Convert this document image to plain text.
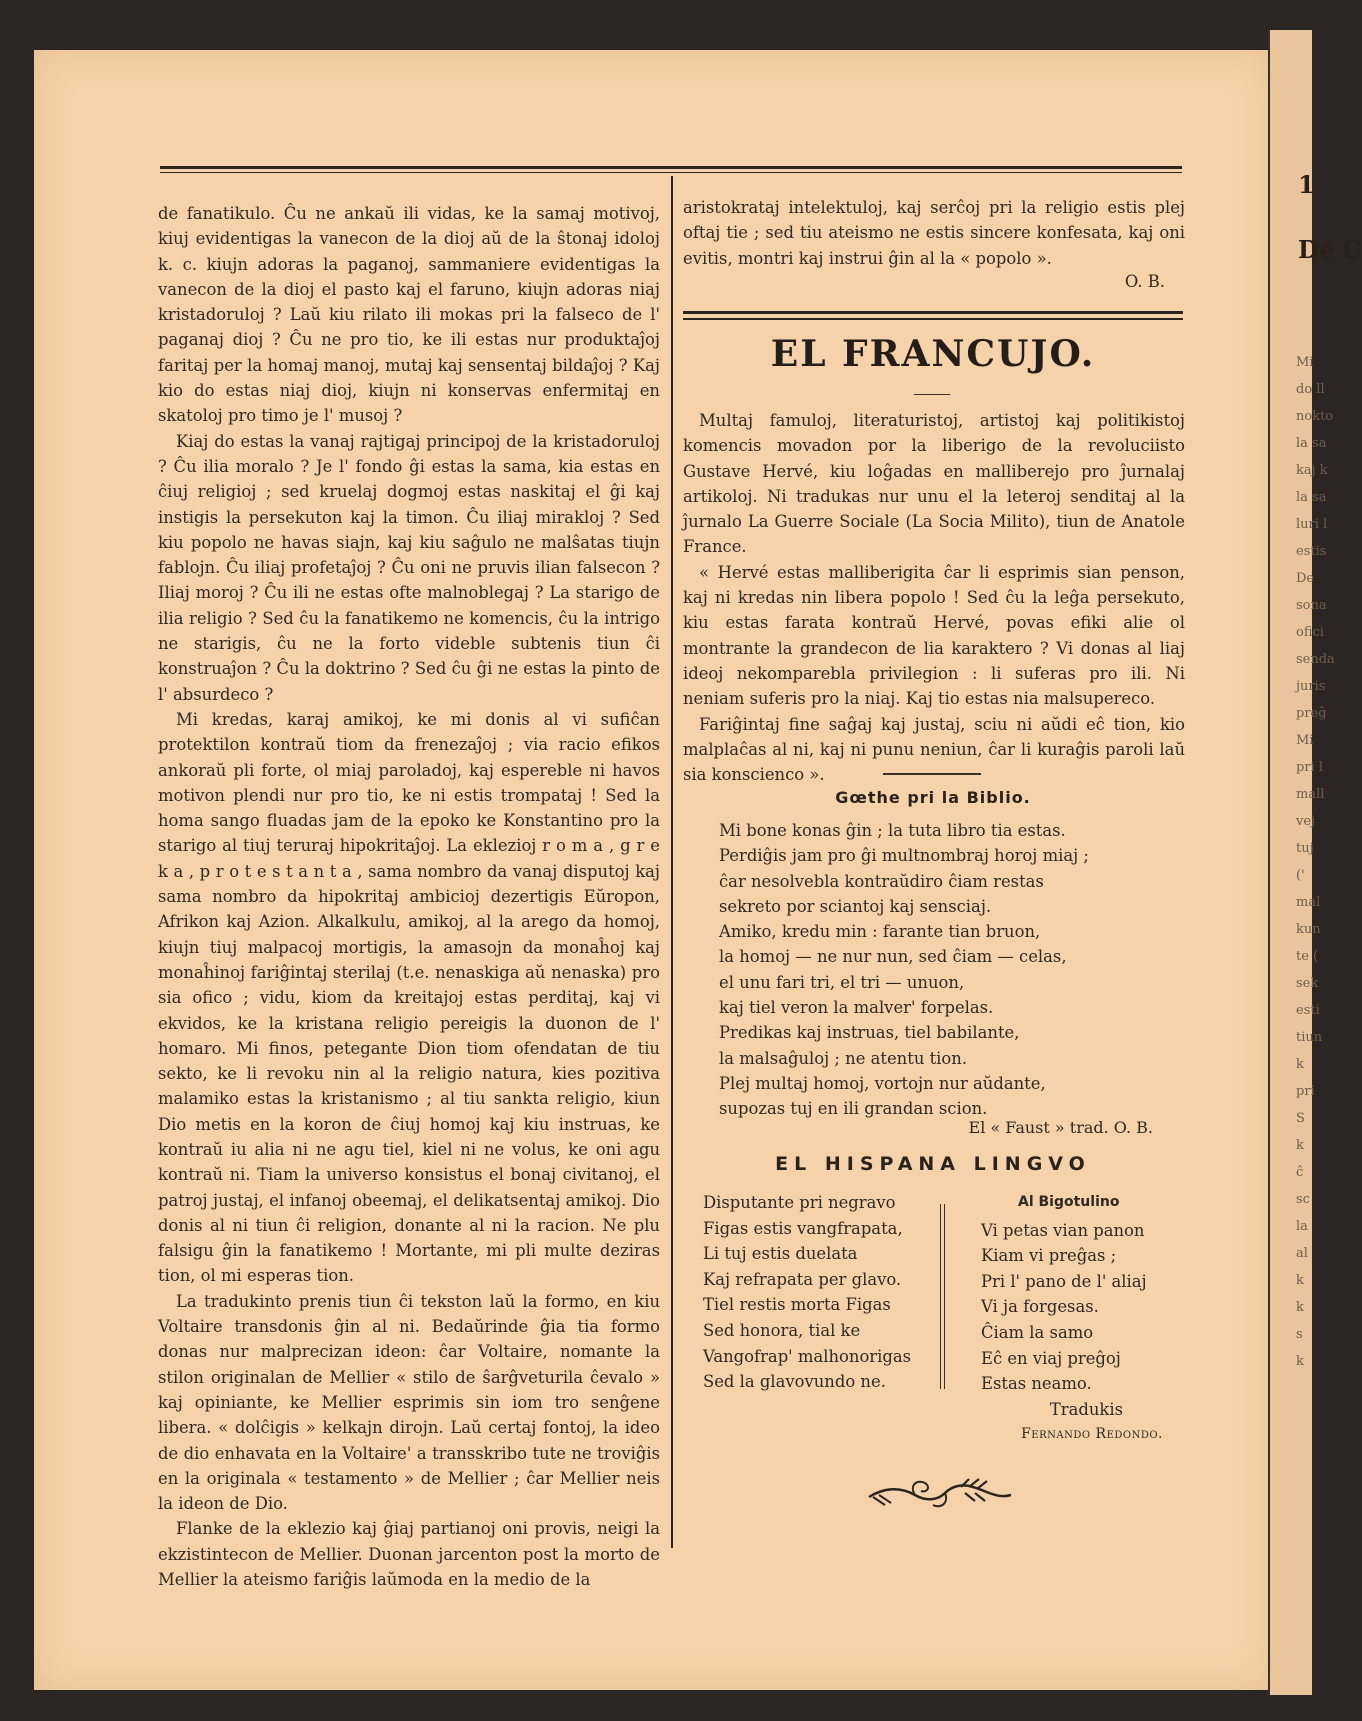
1
De C
Mi
do ll
nokto
la sa
kaj k
la sa
luri l
estis
De
sona
ofici
senda
juris
preĝ
Mi
pri l
mall
vej
tuj
('
mal
kun
te (
sek
esti
tiun
k
pri
S
k
ĉ
sc
la
al
k
k
s
k

de fanatikulo. Ĉu ne ankaŭ ili vidas, ke la samaj motivoj, kiuj evidentigas la vanecon de la dioj aŭ de la ŝtonaj idoloj k. c. kiujn adoras la paganoj, sammaniere evidentigas la vanecon de la dioj el pasto kaj el faruno, kiujn adoras niaj kristadoruloj ? Laŭ kiu rilato ili mokas pri la falseco de l' paganaj dioj ? Ĉu ne pro tio, ke ili estas nur produktaĵoj faritaj per la homaj manoj, mutaj kaj sensentaj bildaĵoj ? Kaj kio do estas niaj dioj, kiujn ni konservas enfermitaj en skatoloj pro timo je l' musoj ?

Kiaj do estas la vanaj rajtigaj principoj de la kristadoruloj ? Ĉu ilia moralo ? Je l' fondo ĝi estas la sama, kia estas en ĉiuj religioj ; sed kruelaj dogmoj estas naskitaj el ĝi kaj instigis la persekuton kaj la timon. Ĉu iliaj mirakloj ? Sed kiu popolo ne havas siajn, kaj kiu saĝulo ne malŝatas tiujn fablojn. Ĉu iliaj profetaĵoj ? Ĉu oni ne pruvis ilian falsecon ? Iliaj moroj ? Ĉu ili ne estas ofte malnoblegaj ? La starigo de ilia religio ? Sed ĉu la fanatikemo ne komencis, ĉu la intrigo ne starigis, ĉu ne la forto videble subtenis tiun ĉi konstruaĵon ? Ĉu la doktrino ? Sed ĉu ĝi ne estas la pinto de l' absurdeco ?

Mi kredas, karaj amikoj, ke mi donis al vi sufiĉan protektilon kontraŭ tiom da frenezaĵoj ; via racio efikos ankoraŭ pli forte, ol miaj paroladoj, kaj espereble ni havos motivon plendi nur pro tio, ke ni estis trompataj ! Sed la homa sango fluadas jam de la epoko ke Konstantino pro la starigo al tiuj teruraj hipokritaĵoj. La eklezioj r o m a , g r e k a , p r o t e s t a n t a , sama nombro da vanaj disputoj kaj sama nombro da hipokritaj ambicioj dezertigis Eŭropon, Afrikon kaj Azion. Alkalkulu, amikoj, al la arego da homoj, kiujn tiuj malpacoj mortigis, la amasojn da monaĥoj kaj monaĥinoj fariĝintaj sterilaj (t.e. nenaskiga aŭ nenaska) pro sia ofico ; vidu, kiom da kreitajoj estas perditaj, kaj vi ekvidos, ke la kristana religio pereigis la duonon de l' homaro. Mi finos, petegante Dion tiom ofendatan de tiu sekto, ke li revoku nin al la religio natura, kies pozitiva malamiko estas la kristanismo ; al tiu sankta religio, kiun Dio metis en la koron de ĉiuj homoj kaj kiu instruas, ke kontraŭ iu alia ni ne agu tiel, kiel ni ne volus, ke oni agu kontraŭ ni. Tiam la universo konsistus el bonaj civitanoj, el patroj justaj, el infanoj obeemaj, el delikatsentaj amikoj. Dio donis al ni tiun ĉi religion, donante al ni la racion. Ne plu falsigu ĝin la fanatikemo ! Mortante, mi pli multe deziras tion, ol mi esperas tion.

La tradukinto prenis tiun ĉi tekston laŭ la formo, en kiu Voltaire transdonis ĝin al ni. Bedaŭrinde ĝia tia formo donas nur malprecizan ideon: ĉar Voltaire, nomante la stilon originalan de Mellier « stilo de ŝarĝveturila ĉevalo » kaj opiniante, ke Mellier esprimis sin iom tro senĝene libera. « dolĉigis » kelkajn dirojn. Laŭ certaj fontoj, la ideo de dio enhavata en la Voltaire' a transskribo tute ne troviĝis en la originala « testamento » de Mellier ; ĉar Mellier neis la ideon de Dio.

Flanke de la eklezio kaj ĝiaj partianoj oni provis, neigi la ekzistintecon de Mellier. Duonan jarcenton post la morto de Mellier la ateismo fariĝis laŭmoda en la medio de la

aristokrataj intelektuloj, kaj serĉoj pri la religio estis plej oftaj tie ; sed tiu ateismo ne estis sincere konfesata, kaj oni evitis, montri kaj instrui ĝin al la « popolo ».

O. B.
EL FRANCUJO.

Multaj famuloj, literaturistoj, artistoj kaj politikistoj komencis movadon por la liberigo de la revoluciisto Gustave Hervé, kiu loĝadas en malliberejo pro ĵurnalaj artikoloj. Ni tradukas nur unu el la leteroj senditaj al la ĵurnalo La Guerre Sociale (La Socia Milito), tiun de Anatole France.

« Hervé estas malliberigita ĉar li esprimis sian penson, kaj ni kredas nin libera popolo ! Sed ĉu la leĝa persekuto, kiu estas farata kontraŭ Hervé, povas efiki alie ol montrante la grandecon de lia karaktero ? Vi donas al liaj ideoj nekomparebla privilegion : li suferas pro ili. Ni neniam suferis pro la niaj. Kaj tio estas nia malsupereco.

Fariĝintaj fine saĝaj kaj justaj, sciu ni aŭdi eĉ tion, kio malplaĉas al ni, kaj ni punu neniun, ĉar li kuraĝis paroli laŭ sia konscienco ».

Gœthe pri la Biblio.
Mi bone konas ĝin ; la tuta libro tia estas.
Perdiĝis jam pro ĝi multnombraj horoj miaj ;
ĉar nesolvebla kontraŭdiro ĉiam restas
sekreto por sciantoj kaj sensciaj.
Amiko, kredu min : farante tian bruon,
la homoj — ne nur nun, sed ĉiam — celas,
el unu fari tri, el tri — unuon,
kaj tiel veron la malver' forpelas.
Predikas kaj instruas, tiel babilante,
la malsaĝuloj ; ne atentu tion.
Plej multaj homoj, vortojn nur aŭdante,
supozas tuj en ili grandan scion.
El « Faust » trad. O. B.
EL HISPANA LINGVO
Disputante pri negravo
Figas estis vangfrapata,
Li tuj estis duelata
Kaj refrapata per glavo.
Tiel restis morta Figas
Sed honora, tial ke
Vangofrap' malhonorigas
Sed la glavovundo ne.
Al Bigotulino
Vi petas vian panon
Kiam vi preĝas ;
Pri l' pano de l' aliaj
Vi ja forgesas.
Ĉiam la samo
Eĉ en viaj preĝoj
Estas neamo.
Tradukis
Fernando Redondo.
